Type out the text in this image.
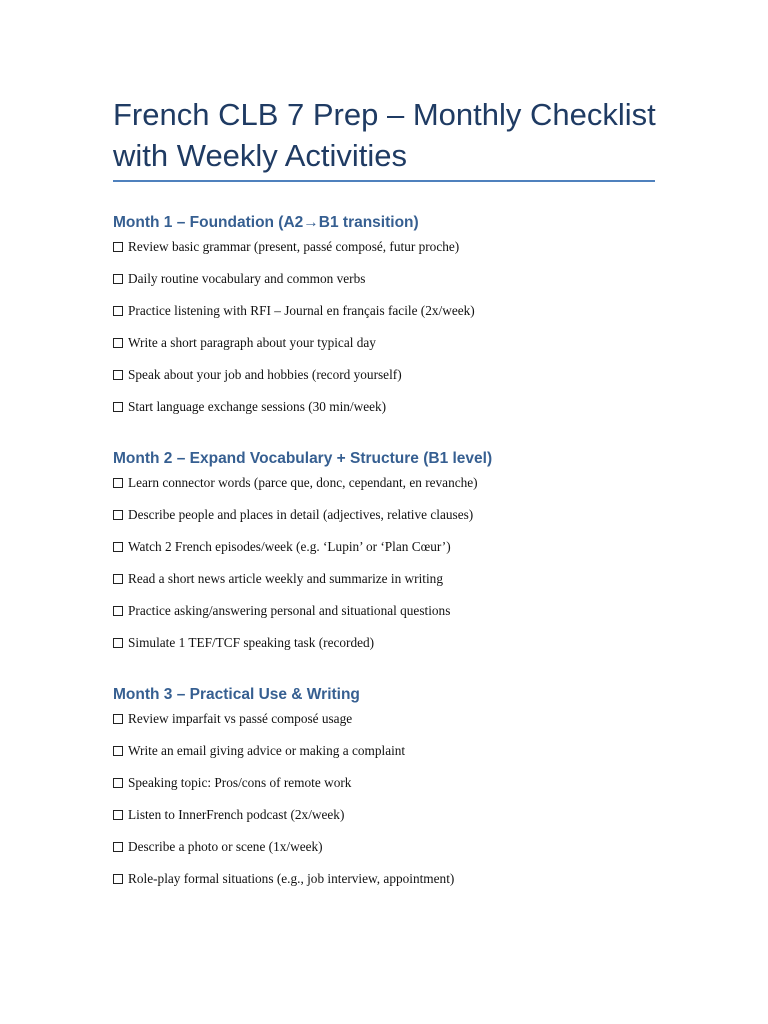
French CLB 7 Prep – Monthly Checklist with Weekly Activities
Month 1 – Foundation (A2→B1 transition)
Review basic grammar (present, passé composé, futur proche)
Daily routine vocabulary and common verbs
Practice listening with RFI – Journal en français facile (2x/week)
Write a short paragraph about your typical day
Speak about your job and hobbies (record yourself)
Start language exchange sessions (30 min/week)
Month 2 – Expand Vocabulary + Structure (B1 level)
Learn connector words (parce que, donc, cependant, en revanche)
Describe people and places in detail (adjectives, relative clauses)
Watch 2 French episodes/week (e.g. ‘Lupin’ or ‘Plan Cœur’)
Read a short news article weekly and summarize in writing
Practice asking/answering personal and situational questions
Simulate 1 TEF/TCF speaking task (recorded)
Month 3 – Practical Use & Writing
Review imparfait vs passé composé usage
Write an email giving advice or making a complaint
Speaking topic: Pros/cons of remote work
Listen to InnerFrench podcast (2x/week)
Describe a photo or scene (1x/week)
Role-play formal situations (e.g., job interview, appointment)
